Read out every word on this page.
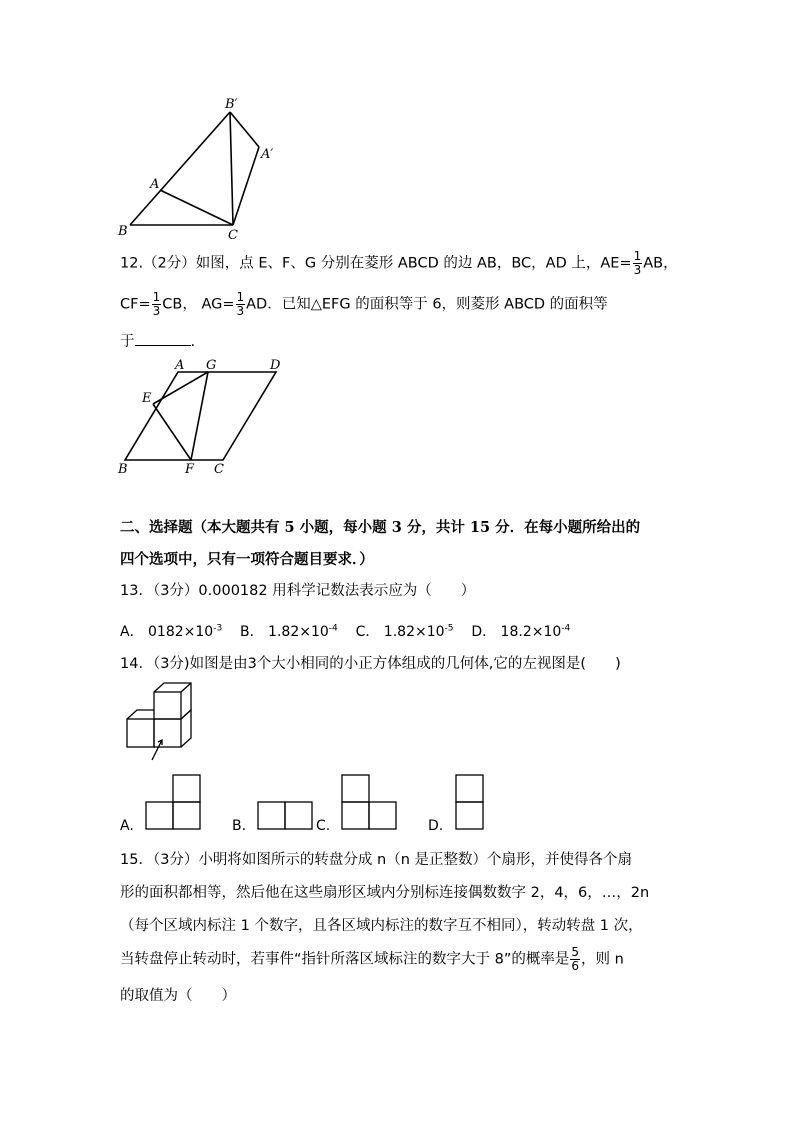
B′
A′
A
B	C
12.（2分）如图，点 E、F、G 分别在菱形 ABCD 的边 AB，BC，AD 上，$AE= \frac{1}{3}$ AB，
$CF= \frac{1}{3}$ CB， $AG= \frac{1}{3}$ AD．已知△EFG 的面积等于 6，则菱形 ABCD 的面积等
于	.
A G	D
E
B	F C
二、选择题（本大题共有 5 小题，每小题 3 分，共计 15 分．在每小题所给出的
四个选项中，只有一项符合题目要求．）
13．（3分）0.000182 用科学记数法表示应为（　　）
A． $0182\times 10^{-3}$ B． $1.82\times 10^{-4}$ C． $1.82\times 10^{-5}$ D． $18.2\times 10^{-4}$
14．（3分)如图是由3个大小相同的小正方体组成的几何体,它的左视图是(　　)
A.	B.	C.	D.
15．（3分）小明将如图所示的转盘分成 n（n 是正整数）个扇形，并使得各个扇
形的面积都相等，然后他在这些扇形区域内分别标连接偶数数字 2，4，6，…，2n
（每个区域内标注 1 个数字，且各区域内标注的数字互不相同），转动转盘 1 次，
当转盘停止转动时，若事件“指针所落区域标注的数字大于 8”的概率是 $\frac{5}{6}$ ，则 n
的取值为（　　）
